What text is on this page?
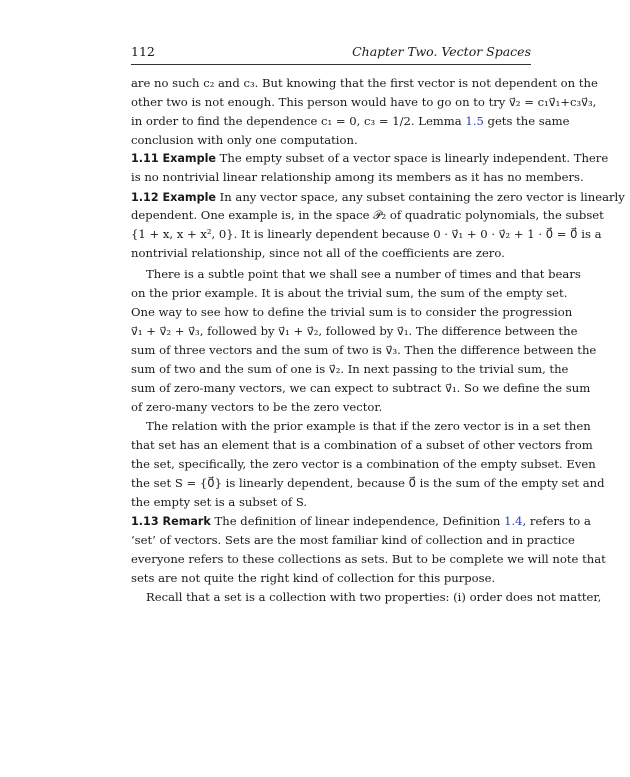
112	Chapter Two. Vector Spaces
are no such c₂ and c₃. But knowing that the first vector is not dependent on the
other two is not enough. This person would have to go on to try v⃗₂ = c₁v⃗₁+c₃v⃗₃,
in order to find the dependence c₁ = 0, c₃ = 1/2. Lemma 1.5 gets the same
conclusion with only one computation.
1.11 Example The empty subset of a vector space is linearly independent. There
is no nontrivial linear relationship among its members as it has no members.
1.12 Example In any vector space, any subset containing the zero vector is linearly
dependent. One example is, in the space 𝒫₂ of quadratic polynomials, the subset
{1 + x, x + x², 0}. It is linearly dependent because 0 · v⃗₁ + 0 · v⃗₂ + 1 · 0⃗ = 0⃗ is a
nontrivial relationship, since not all of the coefficients are zero.
There is a subtle point that we shall see a number of times and that bears
on the prior example. It is about the trivial sum, the sum of the empty set.
One way to see how to define the trivial sum is to consider the progression
v⃗₁ + v⃗₂ + v⃗₃, followed by v⃗₁ + v⃗₂, followed by v⃗₁. The difference between the
sum of three vectors and the sum of two is v⃗₃. Then the difference between the
sum of two and the sum of one is v⃗₂. In next passing to the trivial sum, the
sum of zero-many vectors, we can expect to subtract v⃗₁. So we define the sum
of zero-many vectors to be the zero vector.
The relation with the prior example is that if the zero vector is in a set then
that set has an element that is a combination of a subset of other vectors from
the set, specifically, the zero vector is a combination of the empty subset. Even
the set S = {0⃗} is linearly dependent, because 0⃗ is the sum of the empty set and
the empty set is a subset of S.
1.13 Remark The definition of linear independence, Definition 1.4, refers to a
‘set’ of vectors. Sets are the most familiar kind of collection and in practice
everyone refers to these collections as sets. But to be complete we will note that
sets are not quite the right kind of collection for this purpose.
Recall that a set is a collection with two properties: (i) order does not matter,
